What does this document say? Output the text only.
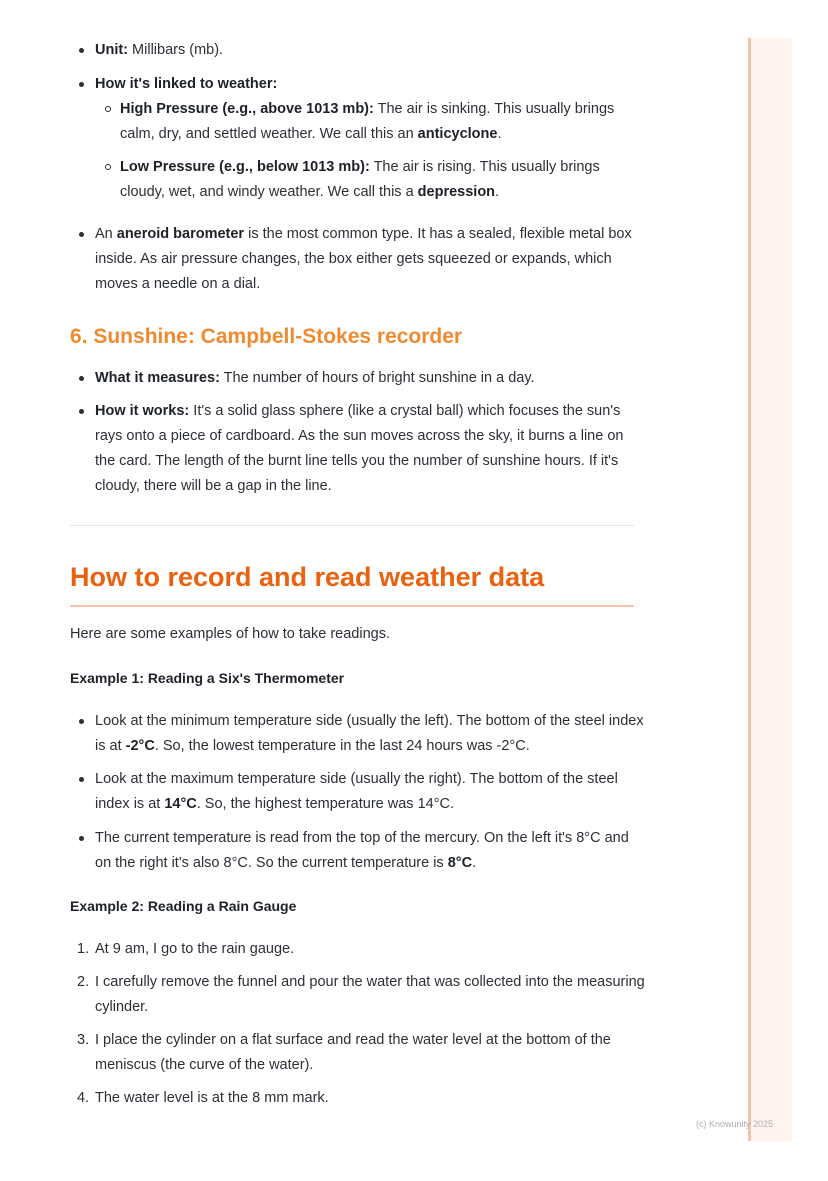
Unit: Millibars (mb).
How it's linked to weather:
High Pressure (e.g., above 1013 mb): The air is sinking. This usually brings calm, dry, and settled weather. We call this an anticyclone.
Low Pressure (e.g., below 1013 mb): The air is rising. This usually brings cloudy, wet, and windy weather. We call this a depression.
An aneroid barometer is the most common type. It has a sealed, flexible metal box inside. As air pressure changes, the box either gets squeezed or expands, which moves a needle on a dial.
6. Sunshine: Campbell-Stokes recorder
What it measures: The number of hours of bright sunshine in a day.
How it works: It's a solid glass sphere (like a crystal ball) which focuses the sun's rays onto a piece of cardboard. As the sun moves across the sky, it burns a line on the card. The length of the burnt line tells you the number of sunshine hours. If it's cloudy, there will be a gap in the line.
How to record and read weather data
Here are some examples of how to take readings.
Example 1: Reading a Six's Thermometer
Look at the minimum temperature side (usually the left). The bottom of the steel index is at -2°C. So, the lowest temperature in the last 24 hours was -2°C.
Look at the maximum temperature side (usually the right). The bottom of the steel index is at 14°C. So, the highest temperature was 14°C.
The current temperature is read from the top of the mercury. On the left it's 8°C and on the right it's also 8°C. So the current temperature is 8°C.
Example 2: Reading a Rain Gauge
1. At 9 am, I go to the rain gauge.
2. I carefully remove the funnel and pour the water that was collected into the measuring cylinder.
3. I place the cylinder on a flat surface and read the water level at the bottom of the meniscus (the curve of the water).
4. The water level is at the 8 mm mark.
(c) Knowunity 2025
